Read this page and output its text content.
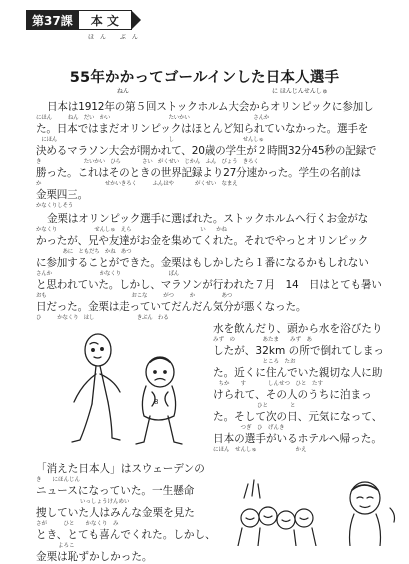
第37課	本 文
ほん ぶん
55年かかってゴールインした日本人選手
ねん	に ほんじんせんしゅ
日本は1912年の第５回ストックホルム大会からオリンピックに参加し
にほん　　　ねん　だい　かい　　　　　　　　　　　たいかい　　　　　　　　　　　　さんか
た。日本ではまだオリンピックはほとんど知られていなかった。選手を
　にほん　　　　　　　　　　　　　　　　　　　　　し　　　　　　　　　　　　　せんしゅ
決めるマラソン大会が開かれて、20歳の学生が２時間32分45秒の記録で
き　　　　　　　　たいかい　ひら　　　　さい　がくせい　じかん　ふん　びょう　きろく
勝った。これはそのときの世界記録より27分速かった。学生の名前は
か　　　　　　　　　　　　せかいきろく　　　ふんはや　　　　がくせい　なまえ
金栗四三。
かなくりしそう
金栗はオリンピック選手に選ばれた。ストックホルムへ行くお金がな
かなくり　　　　　　　せんしゅ　えら　　　　　　　　　　　　　い　　かね
かったが、兄や友達がお金を集めてくれた。それでやっとオリンピック
　　　　　あに　ともだち　かね　あつ
に参加することができた。金栗はもしかしたら１番になるかもしれない
さんか　　　　　　　　　かなくり　　　　　　　　　ばん
と思われていた。しかし、マラソンが行われた７月　14　日はとても暑い
おも　　　　　　　　　　　　　　　　おこな　　　がつ　　　か　　　　　あつ
日だった。金栗は走っていてだんだん気分が悪くなった。
ひ　　　かなくり　はし　　　　　　　　きぶん　わる
水を飲んだり、頭から水を浴びたり
みず　の　　　　　あたま　　みず　あ
したが、32km の所で倒れてしまっ
　　　　　　　　　ところ　たお
た。近くに住んでいた親切な人に助
　ちか　　す　　　　しんせつ　ひと　たす
けられて、その人のうちに泊まっ
　　　　　　　　ひと　　　　と
た。そして次の日、元気になって、
　　　　　つぎ　ひ　げんき
日本の選手がいるホテルへ帰った。
にほん　せんしゅ　　　　　　　かえ
8
「消えた日本人」はスウェーデンの
き　　にほんじん
ニュースになっていた。一生懸命
　　　　　　　　いっしょうけんめい
捜していた人はみんな金栗を見た
さが　　　ひと　　かなくり　み
とき、とても喜んでくれた。しかし、
　　　　よろこ
金栗は恥ずかしかった。
